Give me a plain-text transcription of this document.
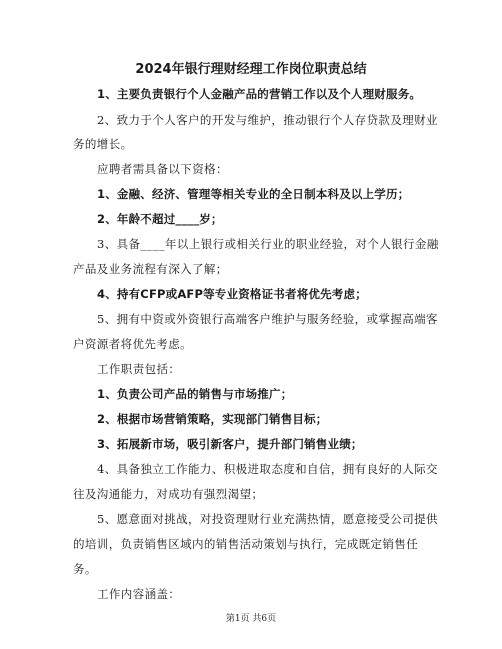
2024年银行理财经理工作岗位职责总结
1、主要负责银行个人金融产品的营销工作以及个人理财服务。
2、致力于个人客户的开发与维护，推动银行个人存贷款及理财业
务的增长。
应聘者需具备以下资格：
1、金融、经济、管理等相关专业的全日制本科及以上学历；
2、年龄不超过____岁；
3、具备____年以上银行或相关行业的职业经验，对个人银行金融
产品及业务流程有深入了解；
4、持有CFP或AFP等专业资格证书者将优先考虑；
5、拥有中资或外资银行高端客户维护与服务经验，或掌握高端客
户资源者将优先考虑。
工作职责包括：
1、负责公司产品的销售与市场推广；
2、根据市场营销策略，实现部门销售目标；
3、拓展新市场，吸引新客户，提升部门销售业绩；
4、具备独立工作能力、积极进取态度和自信，拥有良好的人际交
往及沟通能力，对成功有强烈渴望；
5、愿意面对挑战，对投资理财行业充满热情，愿意接受公司提供
的培训，负责销售区域内的销售活动策划与执行，完成既定销售任
务。
工作内容涵盖：
第1页 共6页
